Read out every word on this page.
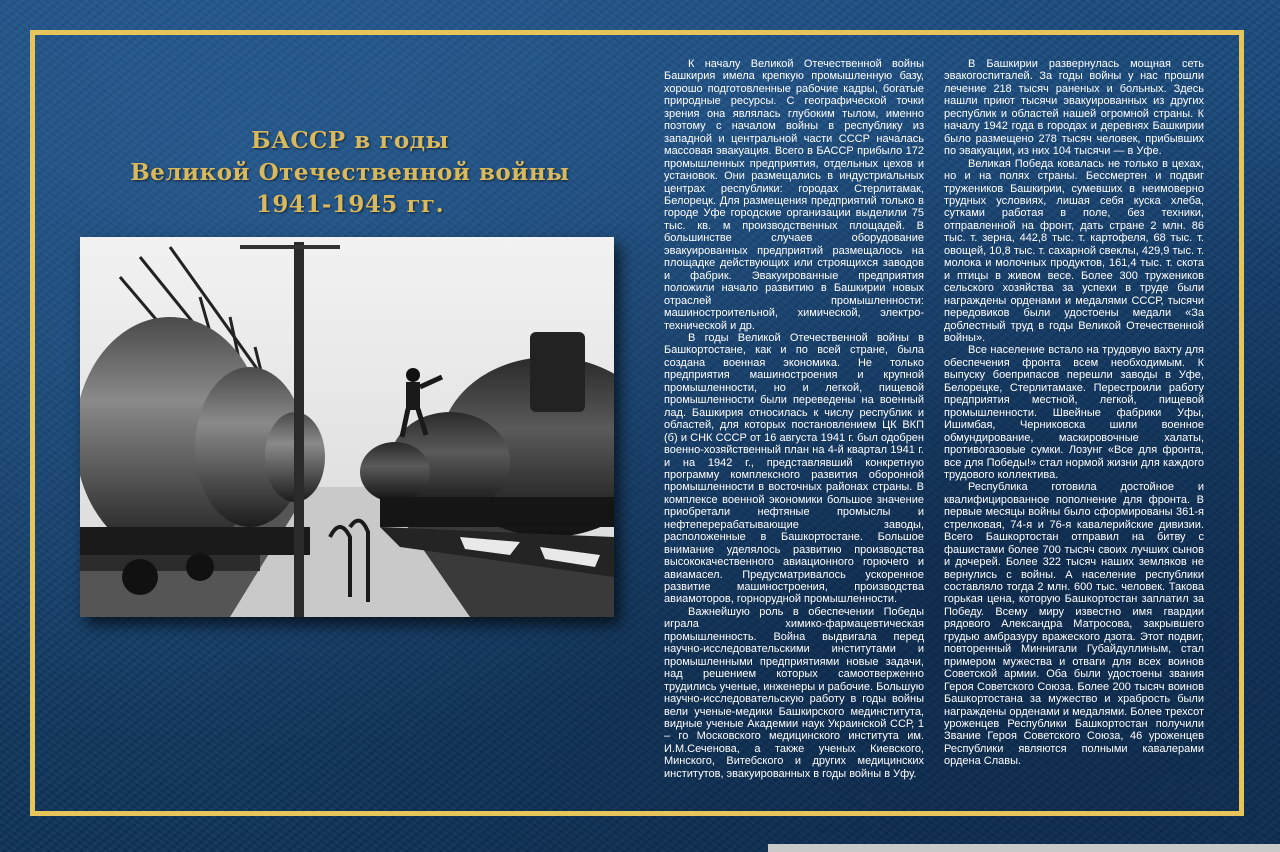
БАССР в годы
Великой Отечественной войны
1941-1945 гг.

К началу Великой Отечественной войны Башкирия имела крепкую промышленную базу, хорошо подготовленные рабочие кадры, богатые природные ресурсы. С географической точки зрения она являлась глубоким тылом, именно поэтому с началом войны в республику из западной и центральной части СССР началась массовая эвакуация. Всего в БАССР прибыло 172 промышленных предприятия, отдельных цехов и установок. Они размещались в индустриальных центрах республики: городах Стерлитамак, Белорецк. Для размещения предприятий только в городе Уфе городские организации выделили 75 тыс. кв. м производственных площадей. В большинстве случаев оборудование эвакуированных предприятий размещалось на площадке действующих или строящихся заводов и фабрик. Эвакуированные предприятия положили начало развитию в Башкирии новых отраслей промышленности: машиностроительной, химической, электро-технической и др.

В годы Великой Отечественной войны в Башкортостане, как и по всей стране, была создана военная экономика. Не только предприятия машиностроения и крупной промышленности, но и легкой, пищевой промышленности были переведены на военный лад. Башкирия относилась к числу республик и областей, для которых постановлением ЦК ВКП (б) и СНК СССР от 16 августа 1941 г. был одобрен военно-хозяйственный план на 4-й квартал 1941 г. и на 1942 г., представлявший конкретную программу комплексного развития оборонной промышленности в восточных районах страны. В комплексе военной экономики большое значение приобретали нефтяные промыслы и нефтеперерабатывающие заводы, расположенные в Башкортостане. Большое внимание уделялось развитию производства высококачественного авиационного горючего и авиамасел. Предусматривалось ускоренное развитие машиностроения, производства авиамоторов, горнорудной промышленности.

Важнейшую роль в обеспечении Победы играла химико-фармацевтическая промышленность. Война выдвигала перед научно-исследовательскими институтами и промышленными предприятиями новые задачи, над решением которых самоотверженно трудились ученые, инженеры и рабочие. Большую научно-исследовательскую работу в годы войны вели ученые-медики Башкирского мединститута, видные ученые Академии наук Украинской ССР, 1 – го Московского медицинского института им. И.М.Сеченова, а также ученых Киевского, Минского, Витебского и других медицинских институтов, эвакуированных в годы войны в Уфу.

В Башкирии развернулась мощная сеть эвакогоспиталей. За годы войны у нас прошли лечение 218 тысяч раненых и больных. Здесь нашли приют тысячи эвакуированных из других республик и областей нашей огромной страны. К началу 1942 года в городах и деревнях Башкирии было размещено 278 тысяч человек, прибывших по эвакуации, из них 104 тысячи — в Уфе.

Великая Победа ковалась не только в цехах, но и на полях страны. Бессмертен и подвиг тружеников Башкирии, сумевших в неимоверно трудных условиях, лишая себя куска хлеба, сутками работая в поле, без техники, отправленной на фронт, дать стране 2 млн. 86 тыс. т. зерна, 442,8 тыс. т. картофеля, 68 тыс. т. овощей, 10,8 тыс. т. сахарной свеклы, 429,9 тыс. т. молока и молочных продуктов, 161,4 тыс. т. скота и птицы в живом весе. Более 300 тружеников сельского хозяйства за успехи в труде были награждены орденами и медалями СССР, тысячи передовиков были удостоены медали «За доблестный труд в годы Великой Отечественной войны».

Все население встало на трудовую вахту для обеспечения фронта всем необходимым. К выпуску боеприпасов перешли заводы в Уфе, Белорецке, Стерлитамаке. Перестроили работу предприятия местной, легкой, пищевой промышленности. Швейные фабрики Уфы, Ишимбая, Черниковска шили военное обмундирование, маскировочные халаты, противогазовые сумки. Лозунг «Все для фронта, все для Победы!» стал нормой жизни для каждого трудового коллектива.

Республика готовила достойное и квалифицированное пополнение для фронта. В первые месяцы войны было сформированы 361-я стрелковая, 74-я и 76-я кавалерийские дивизии. Всего Башкортостан отправил на битву с фашистами более 700 тысяч своих лучших сынов и дочерей. Более 322 тысяч наших земляков не вернулись с войны. А население республики составляло тогда 2 млн. 600 тыс. человек. Такова горькая цена, которую Башкортостан заплатил за Победу. Всему миру известно имя гвардии рядового Александра Матросова, закрывшего грудью амбразуру вражеского дзота. Этот подвиг, повторенный Миннигали Губайдуллиным, стал примером мужества и отваги для всех воинов Советской армии. Оба были удостоены звания Героя Советского Союза. Более 200 тысяч воинов Башкортостана за мужество и храбрость были награждены орденами и медалями. Более трехсот уроженцев Республики Башкортостан получили Звание Героя Советского Союза, 46 уроженцев Республики являются полными кавалерами ордена Славы.
